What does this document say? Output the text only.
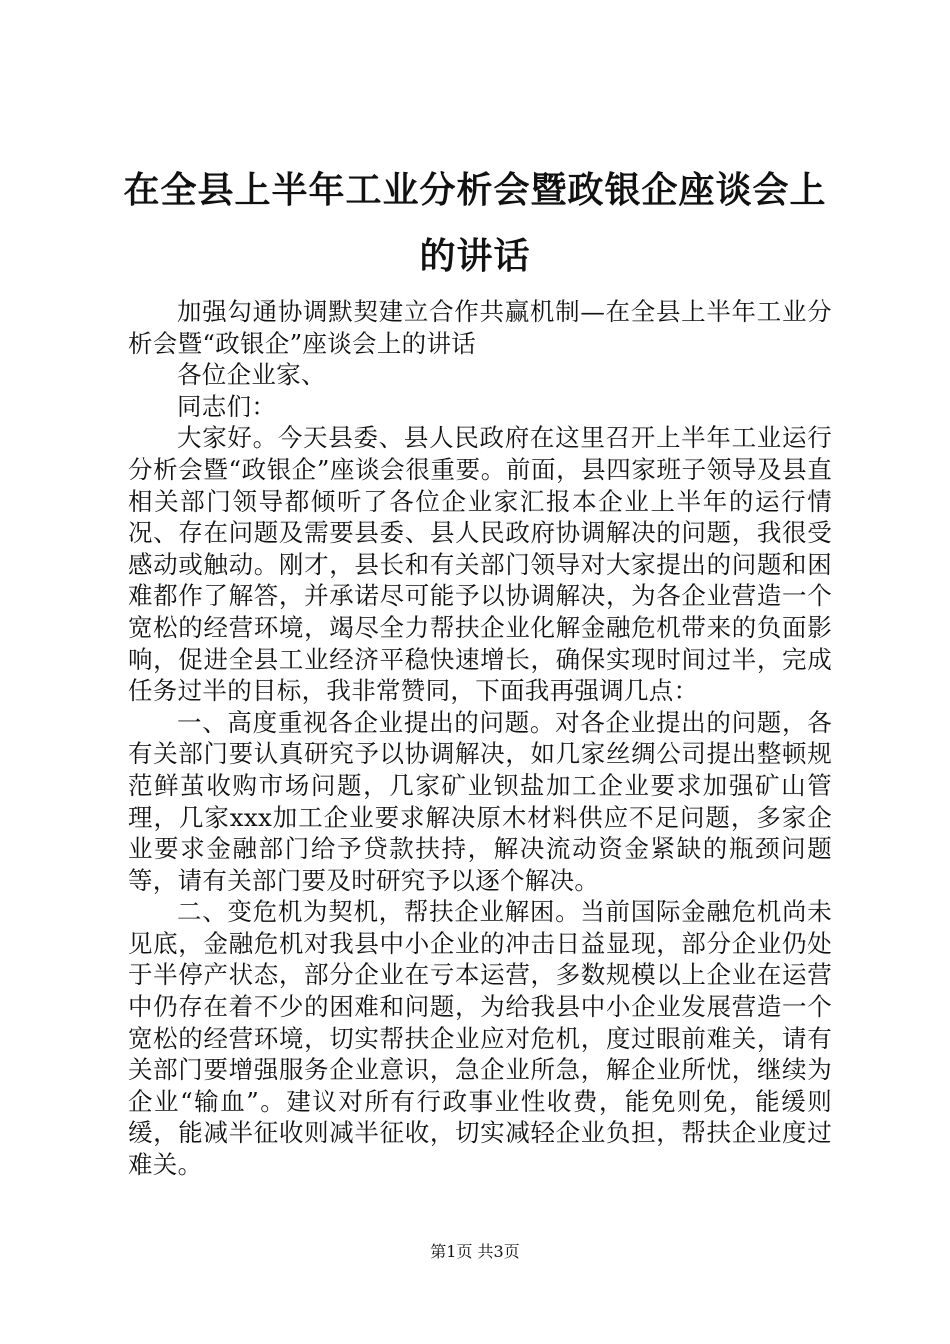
在全县上半年工业分析会暨政银企座谈会上的讲话

加强勾通协调默契建立合作共赢机制—在全县上半年工业分析会暨“政银企”座谈会上的讲话

各位企业家、

同志们：

大家好。今天县委、县人民政府在这里召开上半年工业运行分析会暨“政银企”座谈会很重要。前面，县四家班子领导及县直相关部门领导都倾听了各位企业家汇报本企业上半年的运行情况、存在问题及需要县委、县人民政府协调解决的问题，我很受感动或触动。刚才，县长和有关部门领导对大家提出的问题和困难都作了解答，并承诺尽可能予以协调解决，为各企业营造一个宽松的经营环境，竭尽全力帮扶企业化解金融危机带来的负面影响，促进全县工业经济平稳快速增长，确保实现时间过半，完成任务过半的目标，我非常赞同，下面我再强调几点：

一、高度重视各企业提出的问题。对各企业提出的问题，各有关部门要认真研究予以协调解决，如几家丝绸公司提出整顿规范鲜茧收购市场问题，几家矿业钡盐加工企业要求加强矿山管理，几家xxx加工企业要求解决原木材料供应不足问题，多家企业要求金融部门给予贷款扶持，解决流动资金紧缺的瓶颈问题等，请有关部门要及时研究予以逐个解决。

二、变危机为契机，帮扶企业解困。当前国际金融危机尚未见底，金融危机对我县中小企业的冲击日益显现，部分企业仍处于半停产状态，部分企业在亏本运营，多数规模以上企业在运营中仍存在着不少的困难和问题，为给我县中小企业发展营造一个宽松的经营环境，切实帮扶企业应对危机，度过眼前难关，请有关部门要增强服务企业意识，急企业所急，解企业所忧，继续为企业“输血”。建议对所有行政事业性收费，能免则免，能缓则缓，能减半征收则减半征收，切实减轻企业负担，帮扶企业度过难关。

第1页 共3页
